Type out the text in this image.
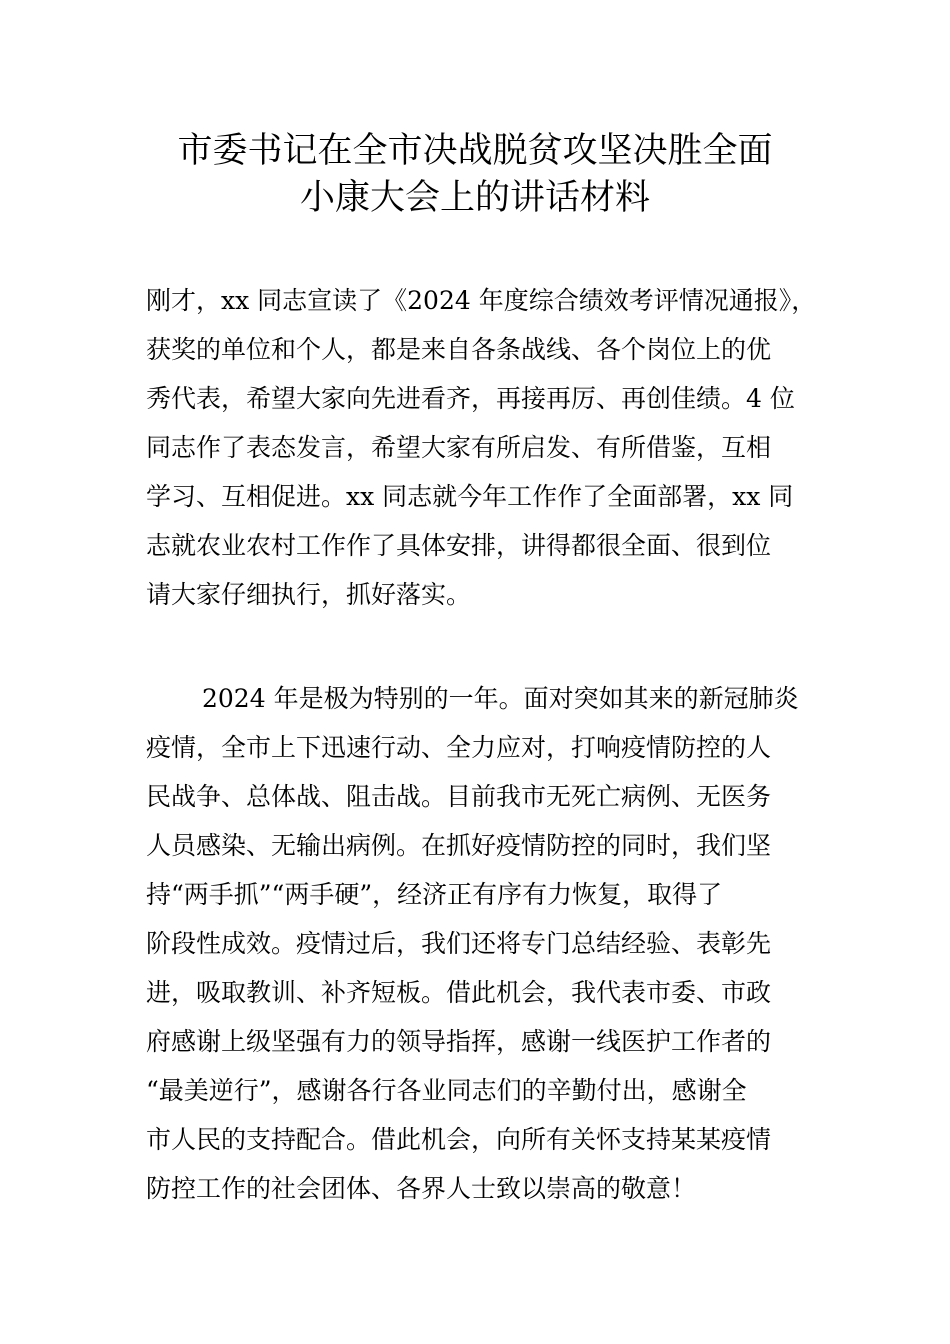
市委书记在全市决战脱贫攻坚决胜全面
小康大会上的讲话材料
刚才，xx 同志宣读了《2024 年度综合绩效考评情况通报》，
获奖的单位和个人，都是来自各条战线、各个岗位上的优
秀代表，希望大家向先进看齐，再接再厉、再创佳绩。4 位
同志作了表态发言，希望大家有所启发、有所借鉴，互相
学习、互相促进。xx 同志就今年工作作了全面部署，xx 同
志就农业农村工作作了具体安排，讲得都很全面、很到位
请大家仔细执行，抓好落实。
2024 年是极为特别的一年。面对突如其来的新冠肺炎
疫情，全市上下迅速行动、全力应对，打响疫情防控的人
民战争、总体战、阻击战。目前我市无死亡病例、无医务
人员感染、无输出病例。在抓好疫情防控的同时，我们坚
持“两手抓”“两手硬”，经济正有序有力恢复，取得了
阶段性成效。疫情过后，我们还将专门总结经验、表彰先
进，吸取教训、补齐短板。借此机会，我代表市委、市政
府感谢上级坚强有力的领导指挥，感谢一线医护工作者的
“最美逆行”，感谢各行各业同志们的辛勤付出，感谢全
市人民的支持配合。借此机会，向所有关怀支持某某疫情
防控工作的社会团体、各界人士致以崇高的敬意！
